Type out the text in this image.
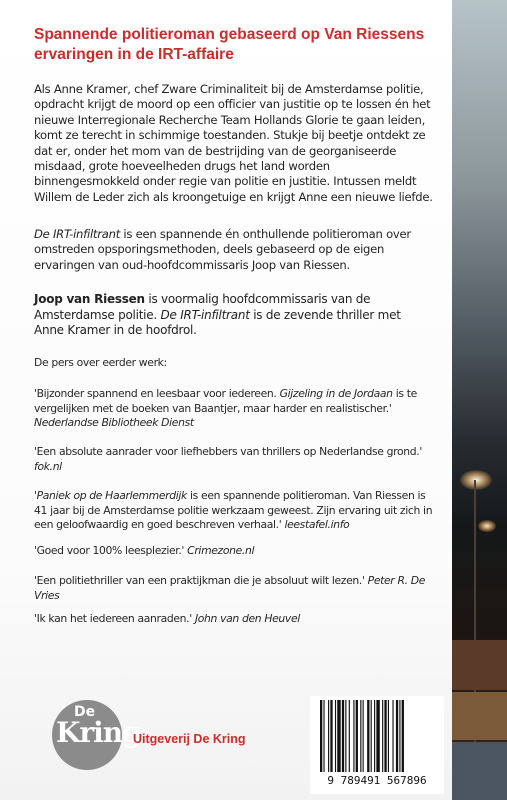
Spannende politieroman gebaseerd op Van Riessens ervaringen in de IRT-affaire

Als Anne Kramer, chef Zware Criminaliteit bij de Amsterdamse politie, opdracht krijgt de moord op een officier van justitie op te lossen én het nieuwe Interregionale Recherche Team Hollands Glorie te gaan leiden, komt ze terecht in schimmige toestanden. Stukje bij beetje ontdekt ze dat er, onder het mom van de bestrijding van de georganiseerde misdaad, grote hoeveelheden drugs het land worden binnengesmokkeld onder regie van politie en justitie. Intussen meldt Willem de Leder zich als kroongetuige en krijgt Anne een nieuwe liefde.

De IRT-infiltrant is een spannende én onthullende politieroman over omstreden opsporingsmethoden, deels gebaseerd op de eigen ervaringen van oud-hoofdcommissaris Joop van Riessen.

Joop van Riessen is voormalig hoofdcommissaris van de Amsterdamse politie. De IRT-infiltrant is de zevende thriller met Anne Kramer in de hoofdrol.

De pers over eerder werk:

'Bijzonder spannend en leesbaar voor iedereen. Gijzeling in de Jordaan is te vergelijken met de boeken van Baantjer, maar harder en realistischer.' Nederlandse Bibliotheek Dienst

'Een absolute aanrader voor liefhebbers van thrillers op Nederlandse grond.' fok.nl

'Paniek op de Haarlemmerdijk is een spannende politieroman. Van Riessen is 41 jaar bij de Amsterdamse politie werkzaam geweest. Zijn ervaring uit zich in een geloofwaardig en goed beschreven verhaal.' leestafel.info

'Goed voor 100% leesplezier.' Crimezone.nl

'Een politiethriller van een praktijkman die je absoluut wilt lezen.' Peter R. De Vries

'Ik kan het iedereen aanraden.' John van den Heuvel

De
Kring

Uitgeverij De Kring

9 789491 567896
